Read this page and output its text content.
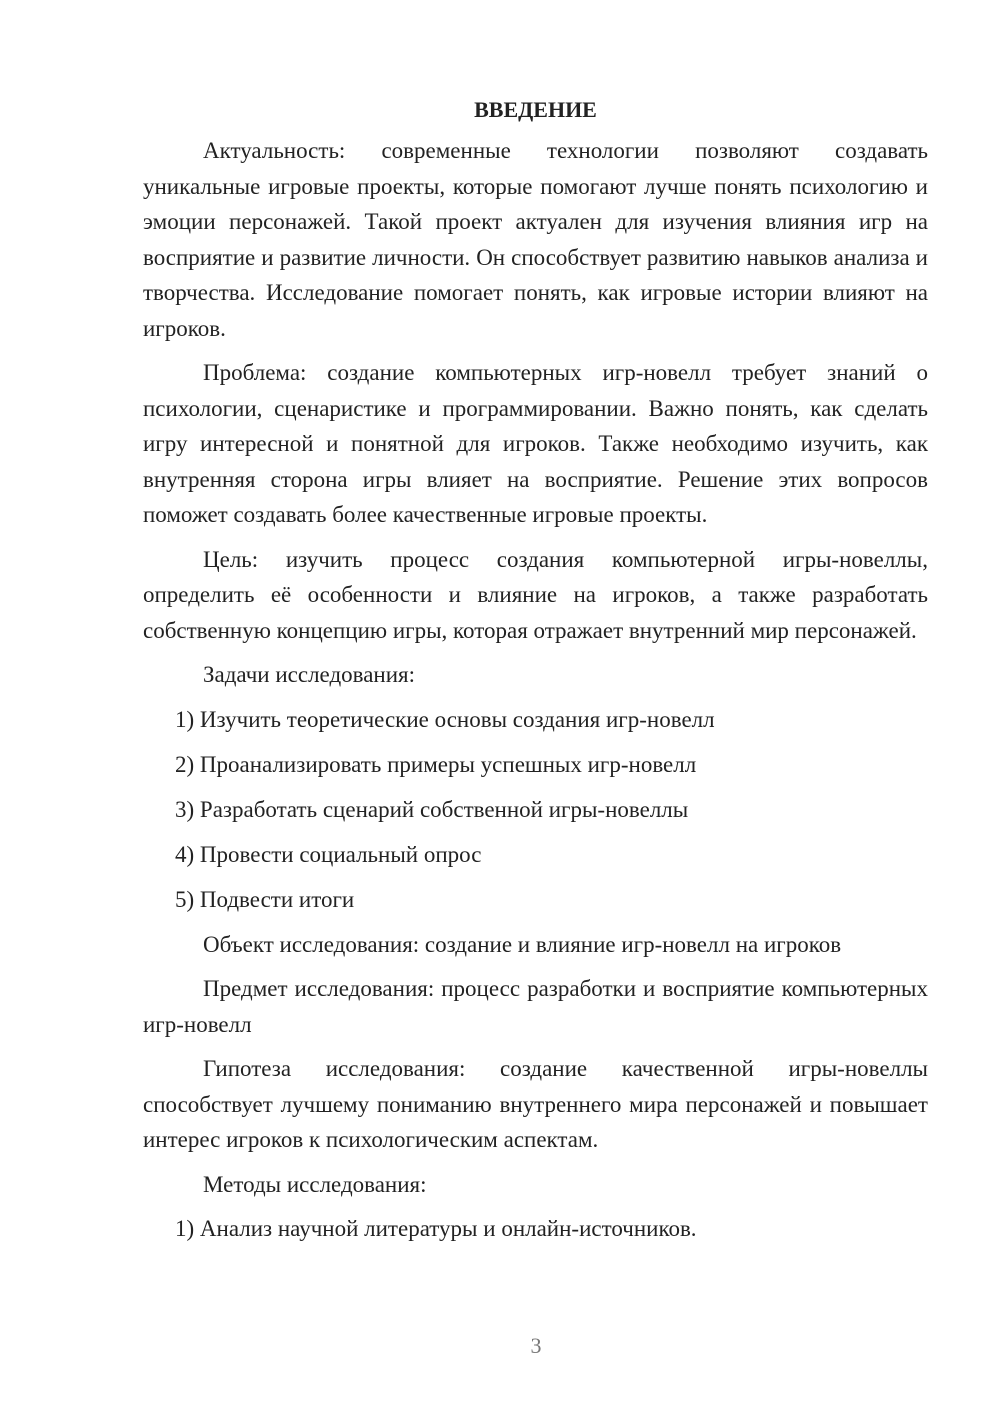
ВВЕДЕНИЕ

Актуальность: современные технологии позволяют создавать уникальные игровые проекты, которые помогают лучше понять психологию и эмоции персонажей. Такой проект актуален для изучения влияния игр на восприятие и развитие личности. Он способствует развитию навыков анализа и творчества. Исследование помогает понять, как игровые истории влияют на игроков.

Проблема: создание компьютерных игр-новелл требует знаний о психологии, сценаристике и программировании. Важно понять, как сделать игру интересной и понятной для игроков. Также необходимо изучить, как внутренняя сторона игры влияет на восприятие. Решение этих вопросов поможет создавать более качественные игровые проекты.

Цель: изучить процесс создания компьютерной игры-новеллы, определить её особенности и влияние на игроков, а также разработать собственную концепцию игры, которая отражает внутренний мир персонажей.

Задачи исследования:

1) Изучить теоретические основы создания игр-новелл
2) Проанализировать примеры успешных игр-новелл
3) Разработать сценарий собственной игры-новеллы
4) Провести социальный опрос
5) Подвести итоги

Объект исследования: создание и влияние игр-новелл на игроков

Предмет исследования: процесс разработки и восприятие компьютерных игр-новелл

Гипотеза исследования: создание качественной игры-новеллы способствует лучшему пониманию внутреннего мира персонажей и повышает интерес игроков к психологическим аспектам.

Методы исследования:

1) Анализ научной литературы и онлайн-источников.
3
